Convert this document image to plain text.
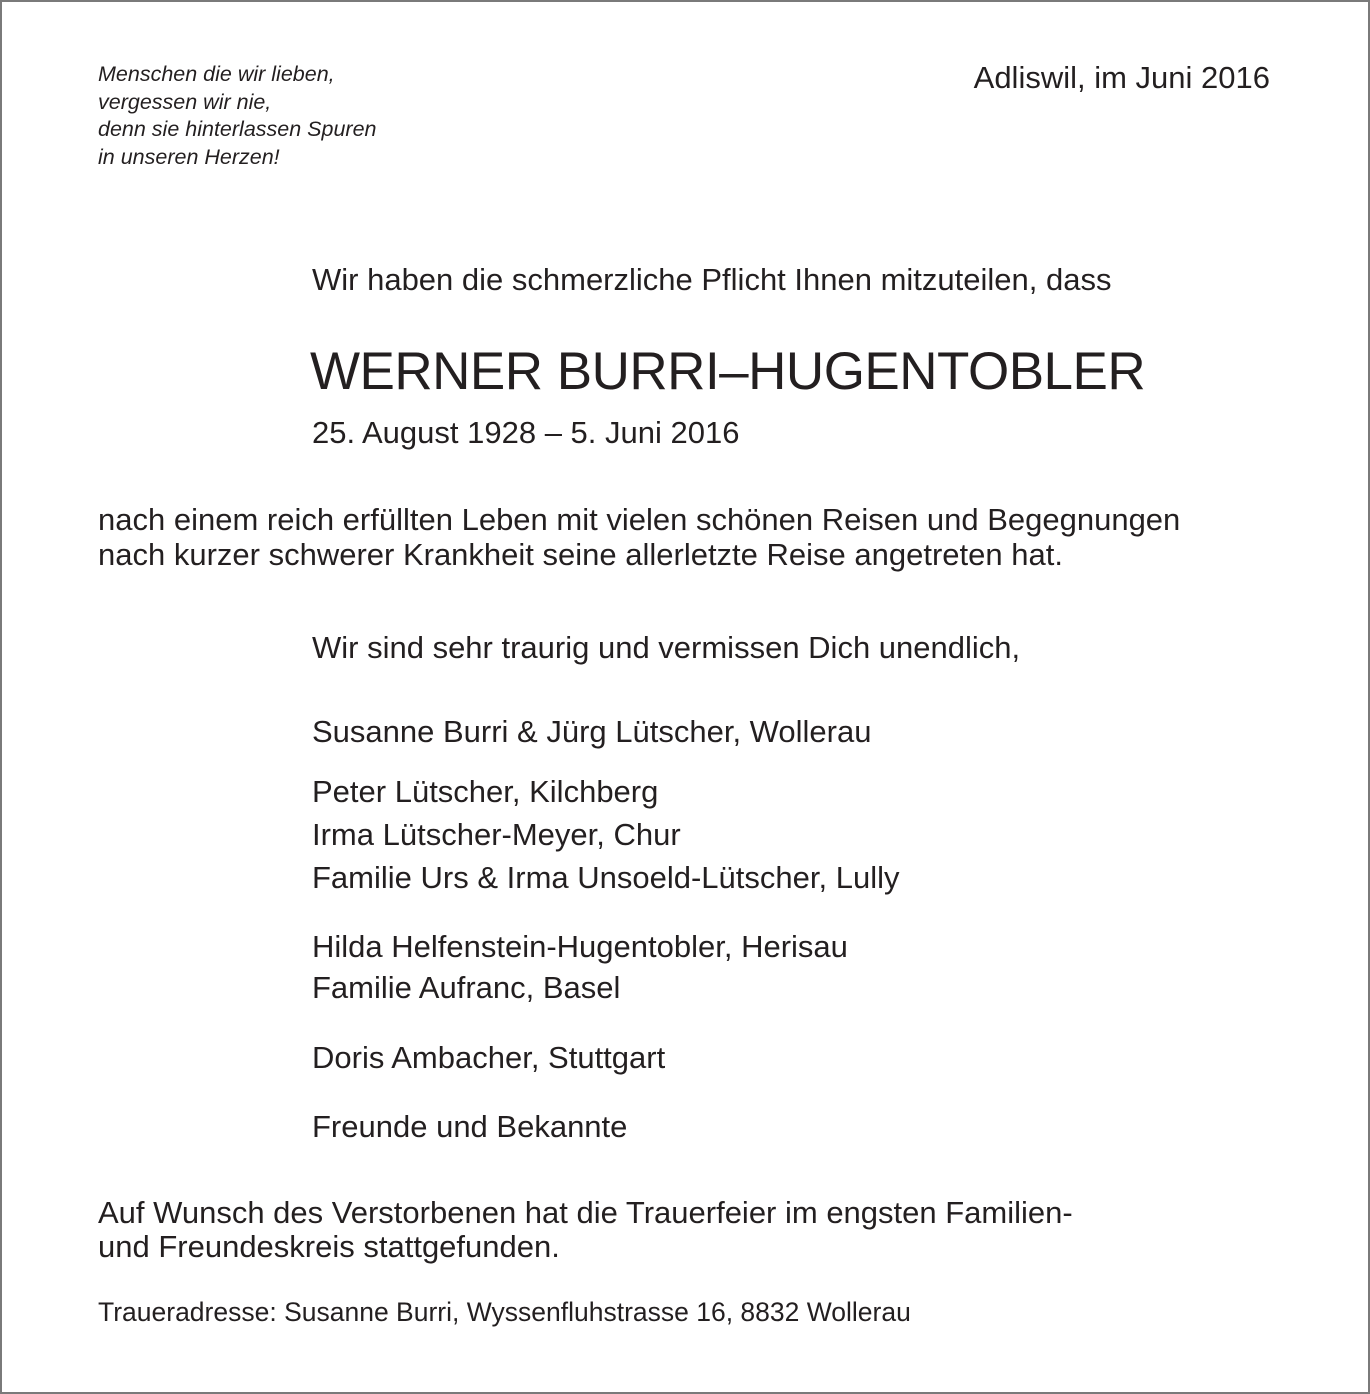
Menschen die wir lieben,
vergessen wir nie,
denn sie hinterlassen Spuren
in unseren Herzen!
Adliswil, im Juni 2016
Wir haben die schmerzliche Pflicht Ihnen mitzuteilen, dass
WERNER BURRI–HUGENTOBLER
25. August 1928 – 5. Juni 2016
nach einem reich erfüllten Leben mit vielen schönen Reisen und Begegnungen
nach kurzer schwerer Krankheit seine allerletzte Reise angetreten hat.
Wir sind sehr traurig und vermissen Dich unendlich,
Susanne Burri & Jürg Lütscher, Wollerau
Peter Lütscher, Kilchberg
Irma Lütscher-Meyer, Chur
Familie Urs & Irma Unsoeld-Lütscher, Lully
Hilda Helfenstein-Hugentobler, Herisau
Familie Aufranc, Basel
Doris Ambacher, Stuttgart
Freunde und Bekannte
Auf Wunsch des Verstorbenen hat die Trauerfeier im engsten Familien-
und Freundeskreis stattgefunden.
Traueradresse: Susanne Burri, Wyssenfluhstrasse 16, 8832 Wollerau
